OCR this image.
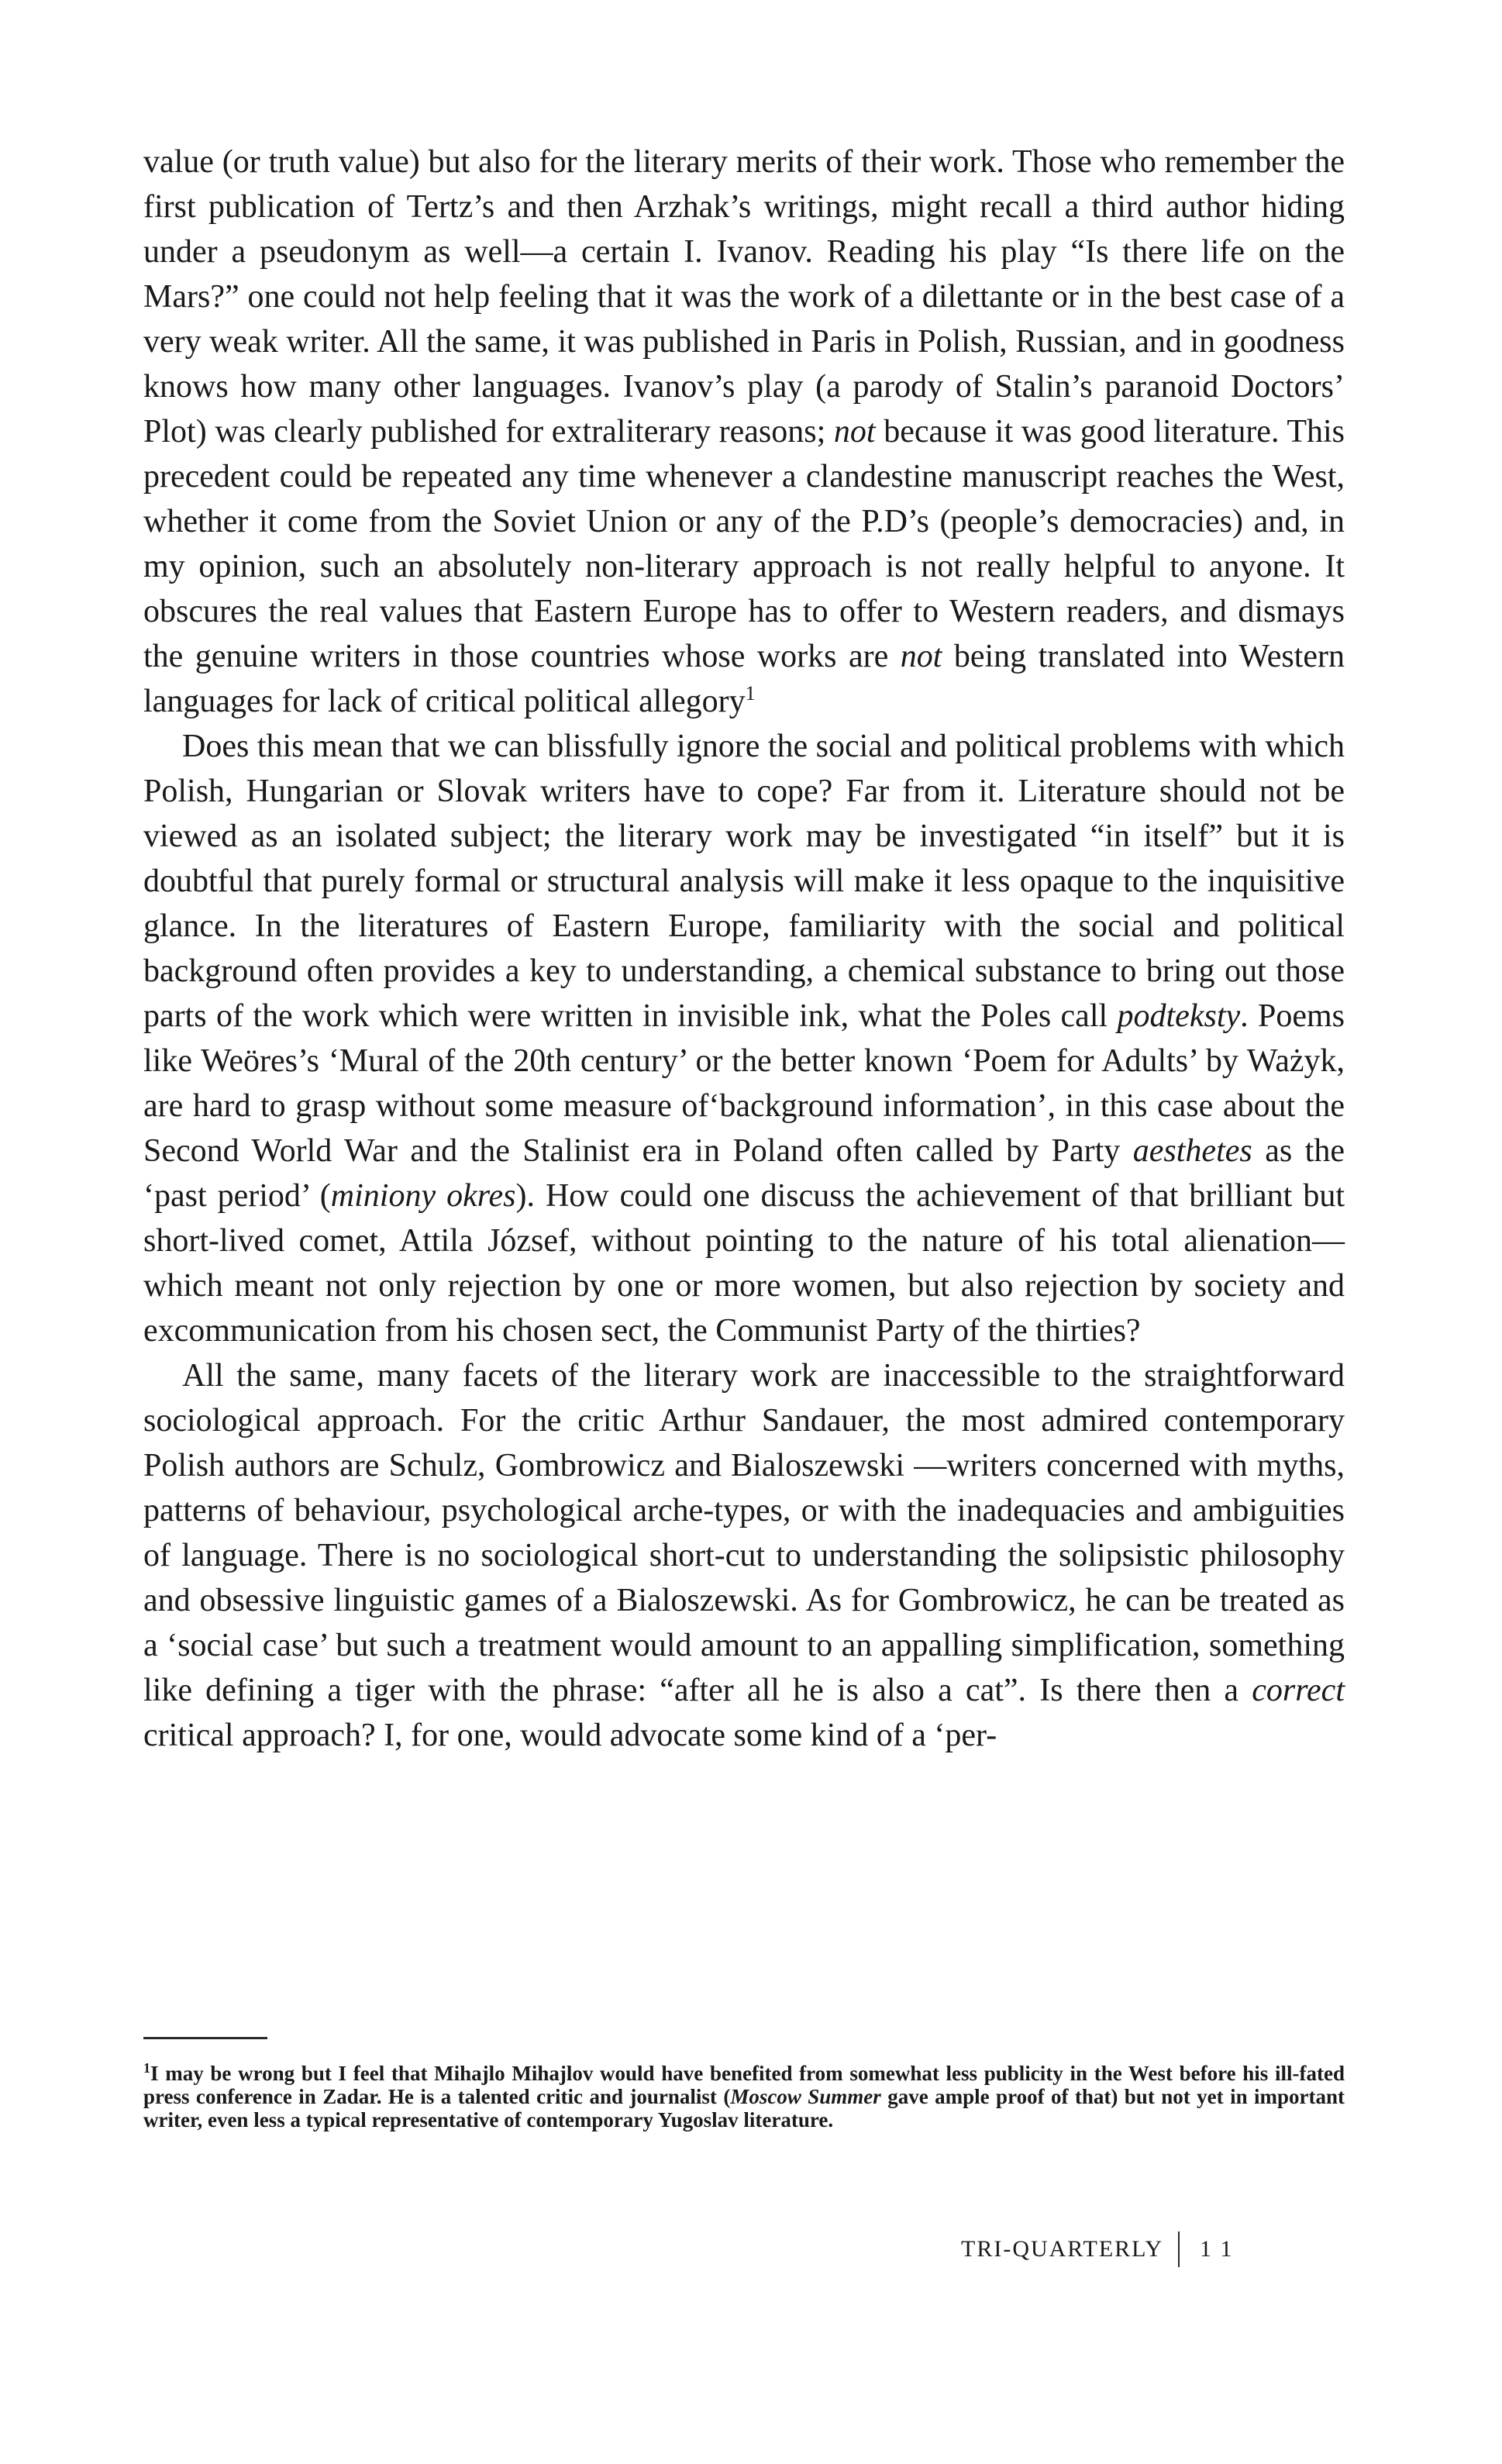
value (or truth value) but also for the literary merits of their work. Those who remember the first publication of Tertz’s and then Arzhak’s writings, might recall a third author hiding under a pseudonym as well—a certain I. Ivanov. Reading his play “Is there life on the Mars?” one could not help feeling that it was the work of a dilettante or in the best case of a very weak writer. All the same, it was published in Paris in Polish, Russian, and in goodness knows how many other languages. Ivanov’s play (a parody of Stalin’s paranoid Doctors’ Plot) was clearly published for extraliterary reasons; not because it was good literature. This precedent could be repeated any time whenever a clandestine manuscript reaches the West, whether it come from the Soviet Union or any of the P.D’s (people’s democracies) and, in my opinion, such an absolutely non-literary approach is not really helpful to anyone. It obscures the real values that Eastern Europe has to offer to Western readers, and dismays the genuine writers in those countries whose works are not being translated into Western languages for lack of critical political allegory$^1$

Does this mean that we can blissfully ignore the social and political problems with which Polish, Hungarian or Slovak writers have to cope? Far from it. Literature should not be viewed as an isolated subject; the literary work may be investigated “in itself” but it is doubtful that purely formal or structural analysis will make it less opaque to the inquisitive glance. In the literatures of Eastern Europe, familiarity with the social and political background often provides a key to understanding, a chemical substance to bring out those parts of the work which were written in invisible ink, what the Poles call podteksty. Poems like Weöres’s ‘Mural of the 20th century’ or the better known ‘Poem for Adults’ by Ważyk, are hard to grasp without some measure of‘background information’, in this case about the Second World War and the Stalinist era in Poland often called by Party aesthetes as the ‘past period’ (miniony okres). How could one discuss the achievement of that brilliant but short-lived comet, Attila József, without pointing to the nature of his total alienation—which meant not only rejection by one or more women, but also rejection by society and excommunication from his chosen sect, the Communist Party of the thirties?

All the same, many facets of the literary work are inaccessible to the straightforward sociological approach. For the critic Arthur Sandauer, the most admired contemporary Polish authors are Schulz, Gombrowicz and Bialoszewski —writers concerned with myths, patterns of behaviour, psychological arche-types, or with the inadequacies and ambiguities of language. There is no sociological short-cut to understanding the solipsistic philosophy and obsessive linguistic games of a Bialoszewski. As for Gombrowicz, he can be treated as a ‘social case’ but such a treatment would amount to an appalling simplification, something like defining a tiger with the phrase: “after all he is also a cat”. Is there then a correct critical approach? I, for one, would advocate some kind of a ‘per-

$^1$I may be wrong but I feel that Mihajlo Mihajlov would have benefited from somewhat less publicity in the West before his ill-fated press conference in Zadar. He is a talented critic and journalist (Moscow Summer gave ample proof of that) but not yet in important writer, even less a typical representative of contemporary Yugoslav literature.
TRI-QUARTERLY 1 1
